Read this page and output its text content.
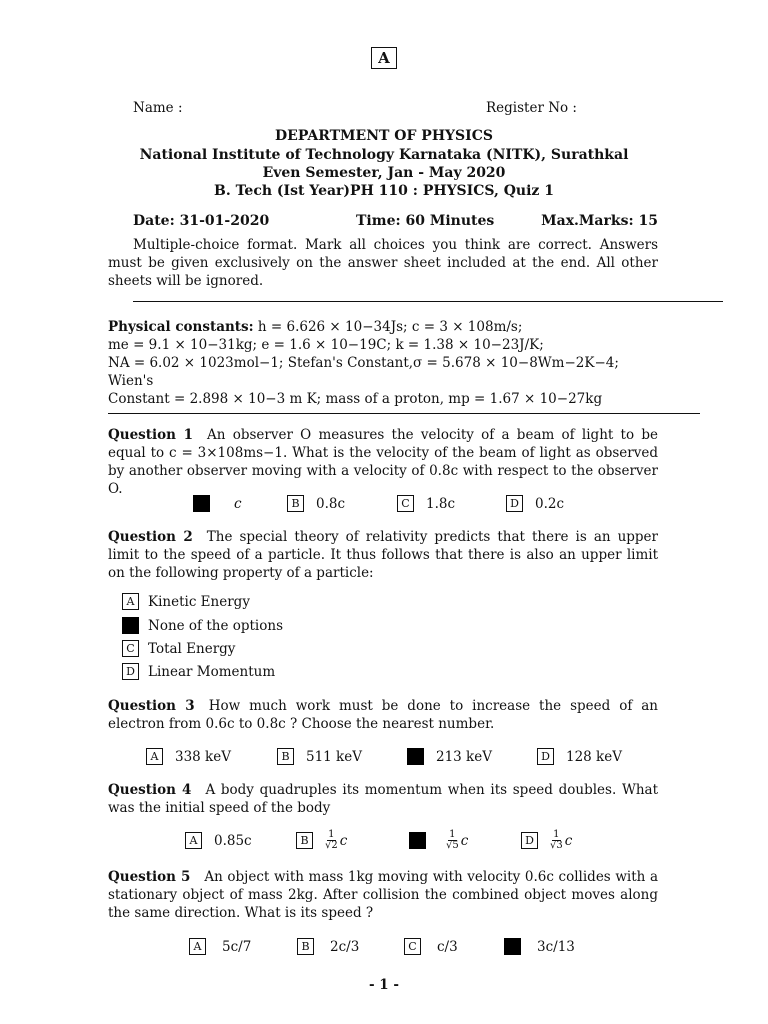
A
Name :	Register No :
DEPARTMENT OF PHYSICS
National Institute of Technology Karnataka (NITK), Surathkal
Even Semester, Jan - May 2020
B. Tech (Ist Year)PH 110 : PHYSICS, Quiz 1
Date: 31-01-2020	Time: 60 Minutes	Max.Marks: 15

Multiple-choice format. Mark all choices you think are correct. Answers must be given exclusively on the answer sheet included at the end. All other sheets will be ignored.

Physical constants: h = 6.626 × 10−34Js; c = 3 × 108m/s;
me = 9.1 × 10−31kg; e = 1.6 × 10−19C; k = 1.38 × 10−23J/K;
NA = 6.02 × 1023mol−1; Stefan's Constant,σ = 5.678 × 10−8Wm−2K−4; Wien's
Constant = 2.898 × 10−3 m K; mass of a proton, mp = 1.67 × 10−27kg

Question 1 An observer O measures the velocity of a beam of light to be equal to c = 3×108ms−1. What is the velocity of the beam of light as observed by another observer moving with a velocity of 0.8c with respect to the observer O.

A	c	B	0.8c	C	1.8c	D	0.2c

Question 2 The special theory of relativity predicts that there is an upper limit to the speed of a particle. It thus follows that there is also an upper limit on the following property of a particle:

A	Kinetic Energy
B None of the options
C Total Energy
D Linear Momentum

Question 3 How much work must be done to increase the speed of an electron from 0.6c to 0.8c ? Choose the nearest number.

A	338 keV	B	511 keV	C	213 keV	D	128 keV

Question 4 A body quadruples its momentum when its speed doubles. What was the initial speed of the body

A	0.85c	B	$\frac{1}{√2}$ c	C	$\frac{1}{√5}$ c	D	$\frac{1}{√3}$ c

Question 5 An object with mass 1kg moving with velocity 0.6c collides with a stationary object of mass 2kg. After collision the combined object moves along the same direction. What is its speed ?

A	5c/7	B	2c/3	C	c/3	D	3c/13
- 1 -
